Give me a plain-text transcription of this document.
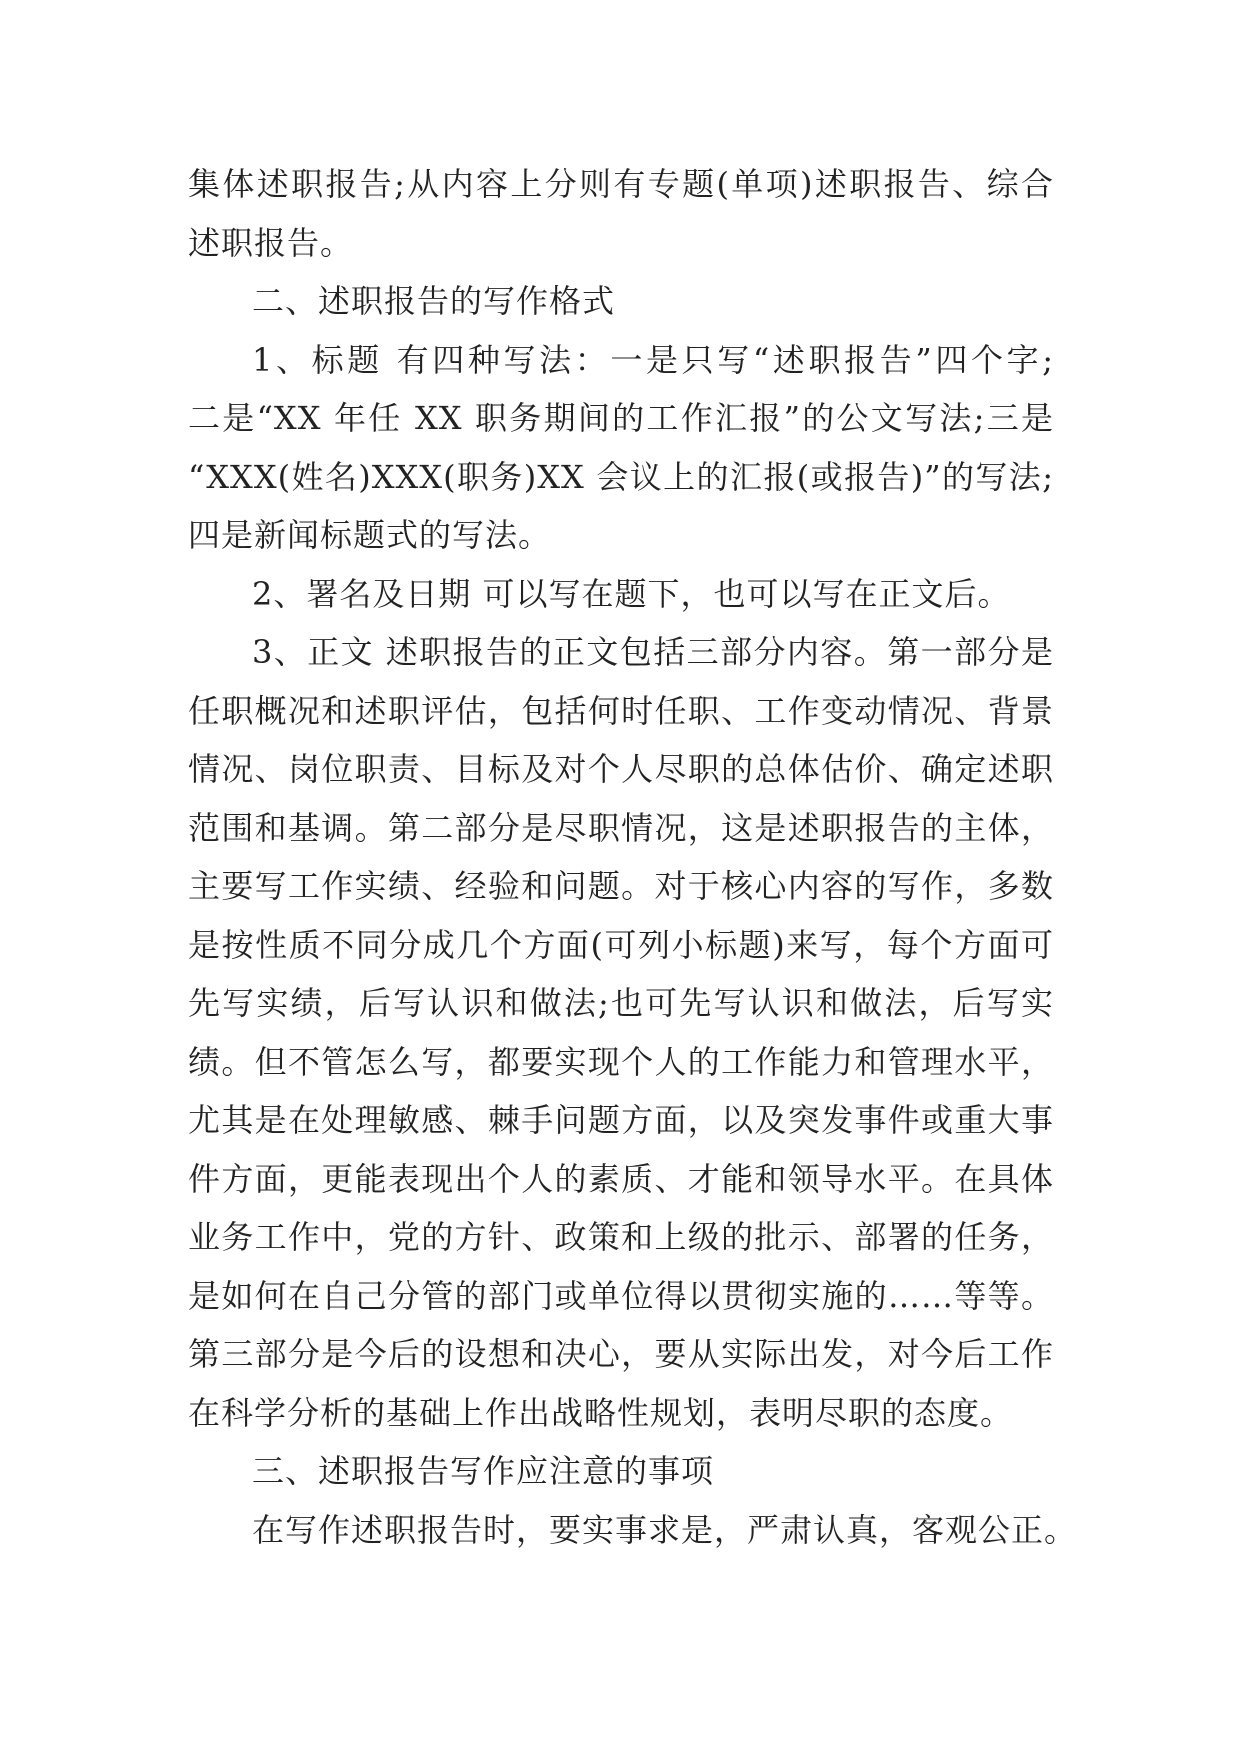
集体述职报告;从内容上分则有专题(单项)述职报告、综合
述职报告。
二、述职报告的写作格式
1、标题 有四种写法：一是只写“述职报告”四个字;
二是“XX 年任 XX 职务期间的工作汇报”的公文写法;三是
“XXX(姓名)XXX(职务)XX 会议上的汇报(或报告)”的写法;
四是新闻标题式的写法。
2、署名及日期 可以写在题下，也可以写在正文后。
3、正文 述职报告的正文包括三部分内容。第一部分是
任职概况和述职评估，包括何时任职、工作变动情况、背景
情况、岗位职责、目标及对个人尽职的总体估价、确定述职
范围和基调。第二部分是尽职情况，这是述职报告的主体，
主要写工作实绩、经验和问题。对于核心内容的写作，多数
是按性质不同分成几个方面(可列小标题)来写，每个方面可
先写实绩，后写认识和做法;也可先写认识和做法，后写实
绩。但不管怎么写，都要实现个人的工作能力和管理水平，
尤其是在处理敏感、棘手问题方面，以及突发事件或重大事
件方面，更能表现出个人的素质、才能和领导水平。在具体
业务工作中，党的方针、政策和上级的批示、部署的任务，
是如何在自己分管的部门或单位得以贯彻实施的……等等。
第三部分是今后的设想和决心，要从实际出发，对今后工作
在科学分析的基础上作出战略性规划，表明尽职的态度。
三、述职报告写作应注意的事项
在写作述职报告时，要实事求是，严肃认真，客观公正。
